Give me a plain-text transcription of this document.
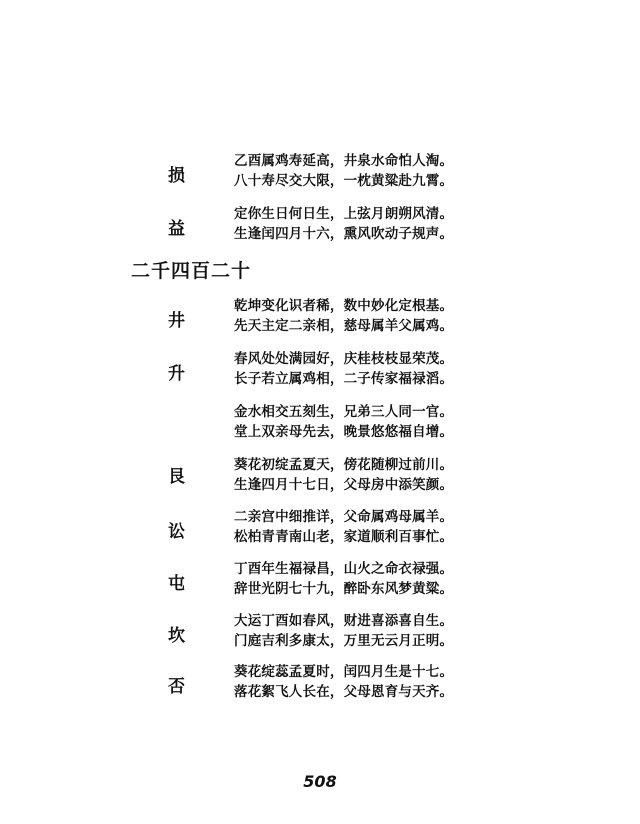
损
乙酉属鸡寿延高，井泉水命怕人淘。
八十寿尽交大限，一枕黄粱赴九霄。
益
定你生日何日生，上弦月朗朔风清。
生逢闰四月十六，熏风吹动子规声。
二千四百二十
井
乾坤变化识者稀，数中妙化定根基。
先天主定二亲相，慈母属羊父属鸡。
升
春风处处满园好，庆桂枝枝显荣茂。
长子若立属鸡相，二子传家福禄滔。
金水相交五刻生，兄弟三人同一官。
堂上双亲母先去，晚景悠悠福自增。
艮
葵花初绽孟夏天，傍花随柳过前川。
生逢四月十七日，父母房中添笑颜。
讼
二亲宫中细推详，父命属鸡母属羊。
松柏青青南山老，家道顺利百事忙。
屯
丁酉年生福禄昌，山火之命衣禄强。
辞世光阴七十九，醉卧东风梦黄粱。
坎
大运丁酉如春风，财进喜添喜自生。
门庭吉利多康太，万里无云月正明。
否
葵花绽蕊孟夏时，闰四月生是十七。
落花絮飞人长在，父母恩育与天齐。
508
